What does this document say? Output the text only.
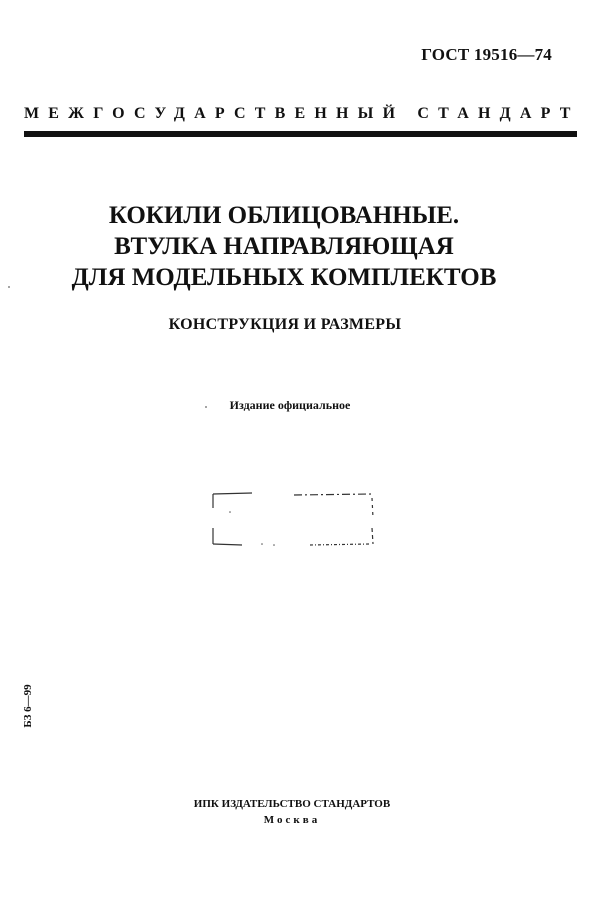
ГОСТ 19516—74
МЕЖГОСУДАРСТВЕННЫЙ СТАНДАРТ
КОКИЛИ ОБЛИЦОВАННЫЕ.
ВТУЛКА НАПРАВЛЯЮЩАЯ
ДЛЯ МОДЕЛЬНЫХ КОМПЛЕКТОВ
КОНСТРУКЦИЯ И РАЗМЕРЫ
Издание официальное
БЗ 6—99
ИПК ИЗДАТЕЛЬСТВО СТАНДАРТОВ
Москва
